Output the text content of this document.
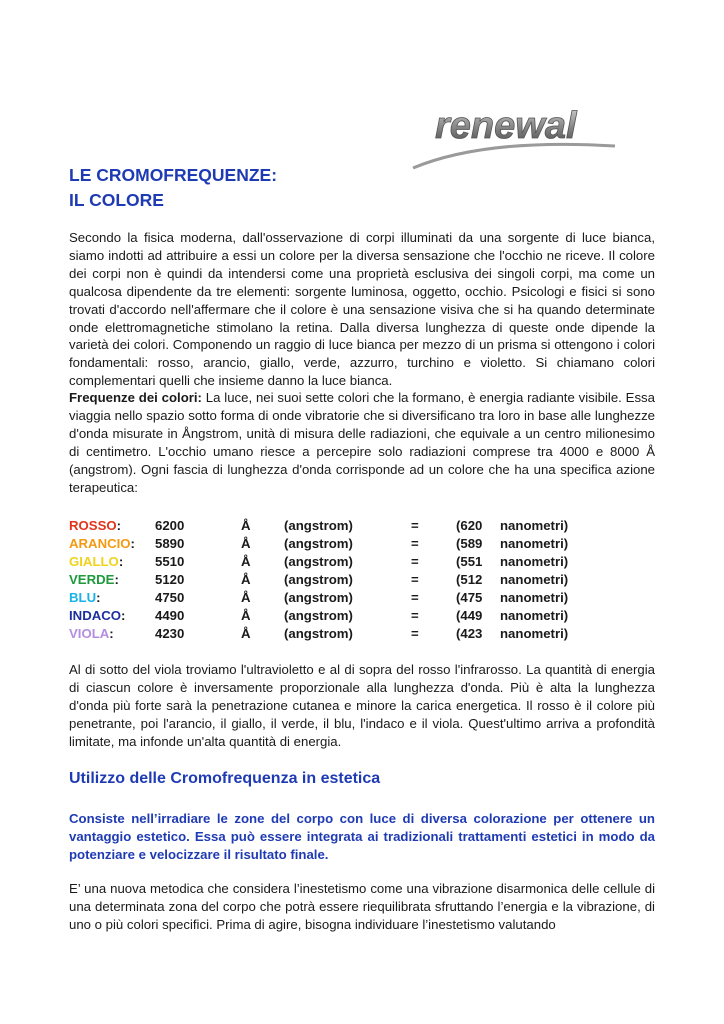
renewal
LE CROMOFREQUENZE:
IL COLORE
Secondo la fisica moderna, dall'osservazione di corpi illuminati da una sorgente di luce bianca, siamo indotti ad attribuire a essi un colore per la diversa sensazione che l'occhio ne riceve. Il colore dei corpi non è quindi da intendersi come una proprietà esclusiva dei singoli corpi, ma come un qualcosa dipendente da tre elementi: sorgente luminosa, oggetto, occhio. Psicologi e fisici si sono trovati d'accordo nell'affermare che il colore è una sensazione visiva che si ha quando determinate onde elettromagnetiche stimolano la retina. Dalla diversa lunghezza di queste onde dipende la varietà dei colori. Componendo un raggio di luce bianca per mezzo di un prisma si ottengono i colori fondamentali: rosso, arancio, giallo, verde, azzurro, turchino e violetto. Si chiamano colori complementari quelli che insieme danno la luce bianca.
Frequenze dei colori: La luce, nei suoi sette colori che la formano, è energia radiante visibile. Essa viaggia nello spazio sotto forma di onde vibratorie che si diversificano tra loro in base alle lunghezze d'onda misurate in Ångstrom, unità di misura delle radiazioni, che equivale a un centro milionesimo di centimetro. L'occhio umano riesce a percepire solo radiazioni comprese tra 4000 e 8000 Å (angstrom). Ogni fascia di lunghezza d'onda corrisponde ad un colore che ha una specifica azione terapeutica:
ROSSO:	6200	Å	(angstrom)	=	(620 nanometri)
ARANCIO: 5890	Å	(angstrom)	=	(589 nanometri)
GIALLO: 5510	Å	(angstrom)	=	(551 nanometri)
VERDE:	5120	Å	(angstrom)	=	(512 nanometri)
BLU:	4750	Å	(angstrom)	=	(475 nanometri)
INDACO: 4490	Å	(angstrom)	=	(449 nanometri)
VIOLA:	4230	Å	(angstrom)	=	(423 nanometri)
Al di sotto del viola troviamo l'ultravioletto e al di sopra del rosso l'infrarosso. La quantità di energia di ciascun colore è inversamente proporzionale alla lunghezza d'onda. Più è alta la lunghezza d'onda più forte sarà la penetrazione cutanea e minore la carica energetica. Il rosso è il colore più penetrante, poi l'arancio, il giallo, il verde, il blu, l'indaco e il viola. Quest'ultimo arriva a profondità limitate, ma infonde un'alta quantità di energia.
Utilizzo delle Cromofrequenza in estetica
Consiste nell’irradiare le zone del corpo con luce di diversa colorazione per ottenere un vantaggio estetico. Essa può essere integrata ai tradizionali trattamenti estetici in modo da potenziare e velocizzare il risultato finale.
E’ una nuova metodica che considera l’inestetismo come una vibrazione disarmonica delle cellule di una determinata zona del corpo che potrà essere riequilibrata sfruttando l’energia e la vibrazione, di uno o più colori specifici. Prima di agire, bisogna individuare l’inestetismo valutando
